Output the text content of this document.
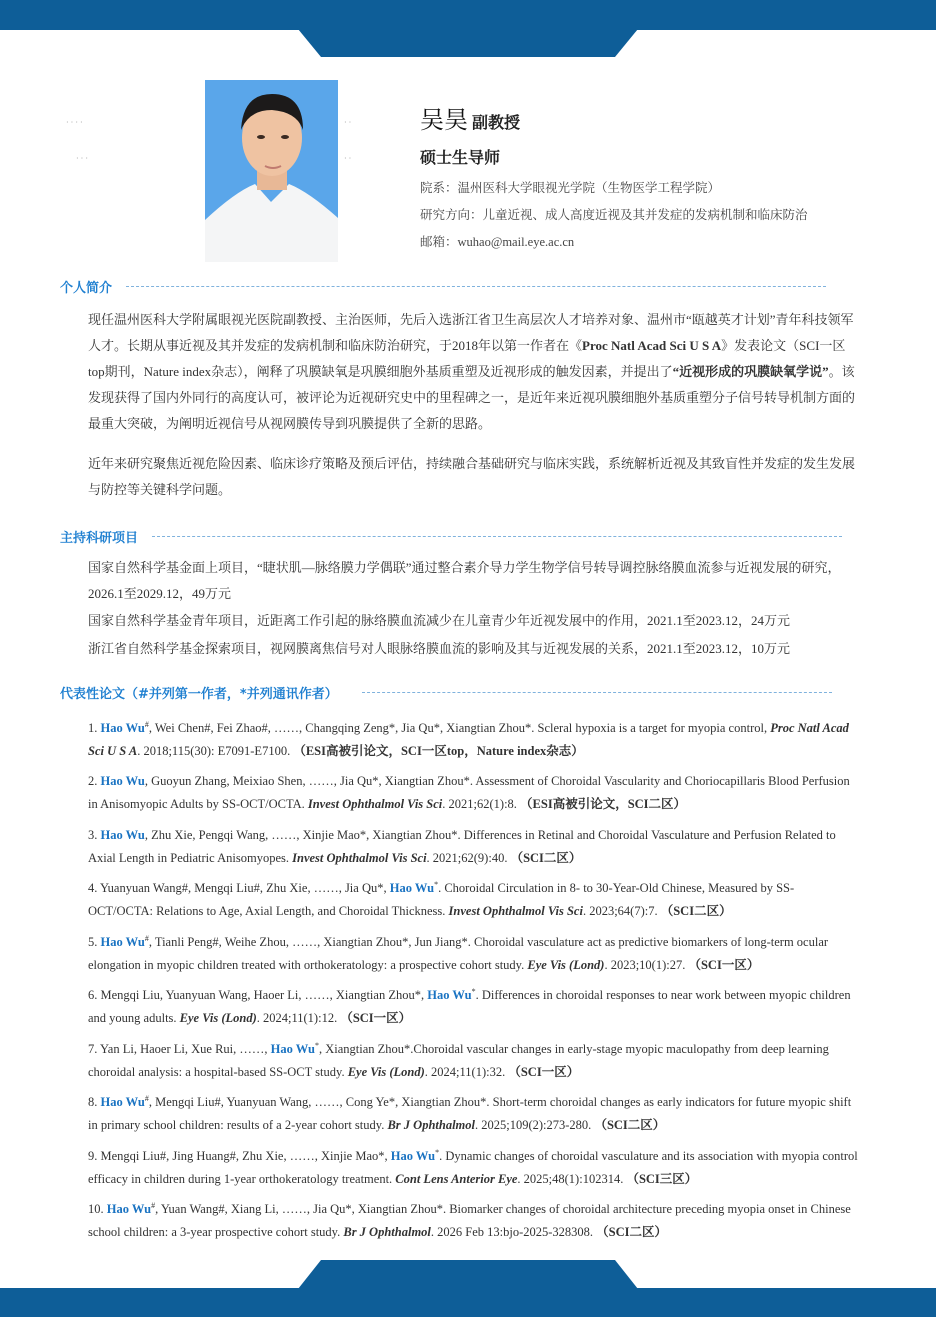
· · · ·
· · ·
· ·
· ·
吴昊 副教授
硕士生导师
院系：温州医科大学眼视光学院（生物医学工程学院）
研究方向：儿童近视、成人高度近视及其并发症的发病机制和临床防治
邮箱：wuhao@mail.eye.ac.cn
个人简介
现任温州医科大学附属眼视光医院副教授、主治医师，先后入选浙江省卫生高层次人才培养对象、温州市“瓯越英才计划”青年科技领军人才。长期从事近视及其并发症的发病机制和临床防治研究，于2018年以第一作者在《Proc Natl Acad Sci U S A》发表论文（SCI一区top期刊，Nature index杂志），阐释了巩膜缺氧是巩膜细胞外基质重塑及近视形成的触发因素，并提出了“近视形成的巩膜缺氧学说”。该发现获得了国内外同行的高度认可，被评论为近视研究史中的里程碑之一，是近年来近视巩膜细胞外基质重塑分子信号转导机制方面的最重大突破，为阐明近视信号从视网膜传导到巩膜提供了全新的思路。
近年来研究聚焦近视危险因素、临床诊疗策略及预后评估，持续融合基础研究与临床实践，系统解析近视及其致盲性并发症的发生发展与防控等关键科学问题。
主持科研项目
国家自然科学基金面上项目，“睫状肌—脉络膜力学偶联”通过整合素介导力学生物学信号转导调控脉络膜血流参与近视发展的研究，2026.1至2029.12，49万元
国家自然科学基金青年项目，近距离工作引起的脉络膜血流减少在儿童青少年近视发展中的作用，2021.1至2023.12，24万元
浙江省自然科学基金探索项目，视网膜离焦信号对人眼脉络膜血流的影响及其与近视发展的关系，2021.1至2023.12，10万元
代表性论文（#并列第一作者，*并列通讯作者）
1. Hao Wu#, Wei Chen#, Fei Zhao#, ……, Changqing Zeng*, Jia Qu*, Xiangtian Zhou*. Scleral hypoxia is a target for myopia control, Proc Natl Acad Sci U S A. 2018;115(30): E7091-E7100. （ESI高被引论文，SCI一区top，Nature index杂志）
2. Hao Wu, Guoyun Zhang, Meixiao Shen, ……, Jia Qu*, Xiangtian Zhou*. Assessment of Choroidal Vascularity and Choriocapillaris Blood Perfusion in Anisomyopic Adults by SS-OCT/OCTA. Invest Ophthalmol Vis Sci. 2021;62(1):8. （ESI高被引论文，SCI二区）
3. Hao Wu, Zhu Xie, Pengqi Wang, ……, Xinjie Mao*, Xiangtian Zhou*. Differences in Retinal and Choroidal Vasculature and Perfusion Related to Axial Length in Pediatric Anisomyopes. Invest Ophthalmol Vis Sci. 2021;62(9):40. （SCI二区）
4. Yuanyuan Wang#, Mengqi Liu#, Zhu Xie, ……, Jia Qu*, Hao Wu*. Choroidal Circulation in 8- to 30-Year-Old Chinese, Measured by SS-OCT/OCTA: Relations to Age, Axial Length, and Choroidal Thickness. Invest Ophthalmol Vis Sci. 2023;64(7):7. （SCI二区）
5. Hao Wu#, Tianli Peng#, Weihe Zhou, ……, Xiangtian Zhou*, Jun Jiang*. Choroidal vasculature act as predictive biomarkers of long-term ocular elongation in myopic children treated with orthokeratology: a prospective cohort study. Eye Vis (Lond). 2023;10(1):27. （SCI一区）
6. Mengqi Liu, Yuanyuan Wang, Haoer Li, ……, Xiangtian Zhou*, Hao Wu*. Differences in choroidal responses to near work between myopic children and young adults. Eye Vis (Lond). 2024;11(1):12. （SCI一区）
7. Yan Li, Haoer Li, Xue Rui, ……, Hao Wu*, Xiangtian Zhou*.Choroidal vascular changes in early-stage myopic maculopathy from deep learning choroidal analysis: a hospital-based SS-OCT study. Eye Vis (Lond). 2024;11(1):32. （SCI一区）
8. Hao Wu#, Mengqi Liu#, Yuanyuan Wang, ……, Cong Ye*, Xiangtian Zhou*. Short-term choroidal changes as early indicators for future myopic shift in primary school children: results of a 2-year cohort study. Br J Ophthalmol. 2025;109(2):273-280. （SCI二区）
9. Mengqi Liu#, Jing Huang#, Zhu Xie, ……, Xinjie Mao*, Hao Wu*. Dynamic changes of choroidal vasculature and its association with myopia control efficacy in children during 1-year orthokeratology treatment. Cont Lens Anterior Eye. 2025;48(1):102314. （SCI三区）
10. Hao Wu#, Yuan Wang#, Xiang Li, ……, Jia Qu*, Xiangtian Zhou*. Biomarker changes of choroidal architecture preceding myopia onset in Chinese school children: a 3-year prospective cohort study. Br J Ophthalmol. 2026 Feb 13:bjo-2025-328308. （SCI二区）
